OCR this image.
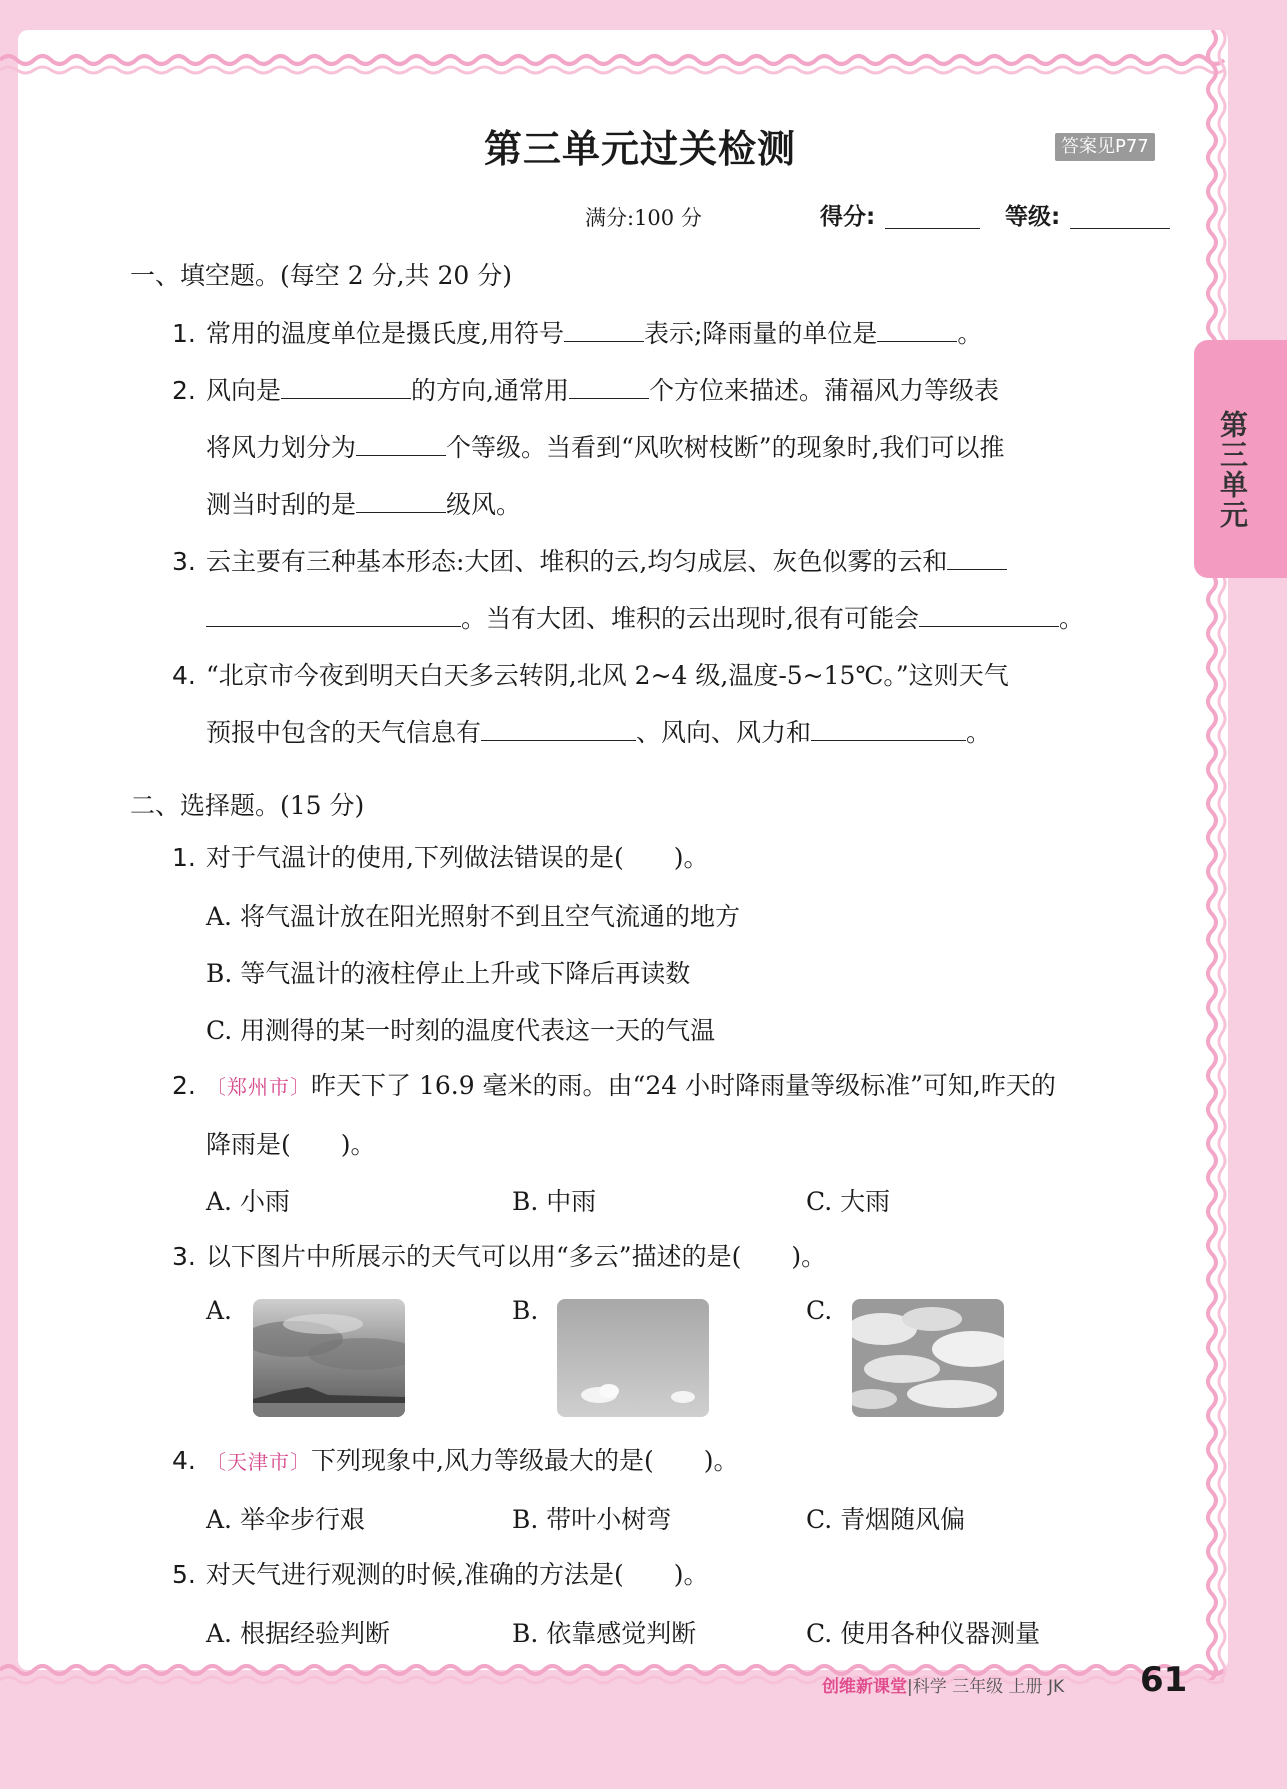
第三单元
第三单元过关检测	答案见P77
满分:100 分	得分:	等级:
一、填空题。(每空 2 分,共 20 分)
1. 常用的温度单位是摄氏度,用符号	表示;降雨量的单位是	。
2. 风向是	的方向,通常用	个方位来描述。蒲福风力等级表
将风力划分为	个等级。当看到“风吹树枝断”的现象时,我们可以推
测当时刮的是	级风。
3. 云主要有三种基本形态:大团、堆积的云,均匀成层、灰色似雾的云和
。当有大团、堆积的云出现时,很有可能会	。
4. “北京市今夜到明天白天多云转阴,北风 2~4 级,温度-5~15℃。”这则天气
预报中包含的天气信息有	、风向、风力和	。
二、选择题。(15 分)
1. 对于气温计的使用,下列做法错误的是(　　)。
A. 将气温计放在阳光照射不到且空气流通的地方
B. 等气温计的液柱停止上升或下降后再读数
C. 用测得的某一时刻的温度代表这一天的气温
2. 〔郑州市〕昨天下了 16.9 毫米的雨。由“24 小时降雨量等级标准”可知,昨天的
降雨是(　　)。
A. 小雨	B. 中雨	C. 大雨
3. 以下图片中所展示的天气可以用“多云”描述的是(　　)。
A.	B.	C.
4. 〔天津市〕下列现象中,风力等级最大的是(　　)。
A. 举伞步行艰	B. 带叶小树弯	C. 青烟随风偏
5. 对天气进行观测的时候,准确的方法是(　　)。
A. 根据经验判断	B. 依靠感觉判断	C. 使用各种仪器测量
创维新课堂|科学 三年级 上册 JK 61
